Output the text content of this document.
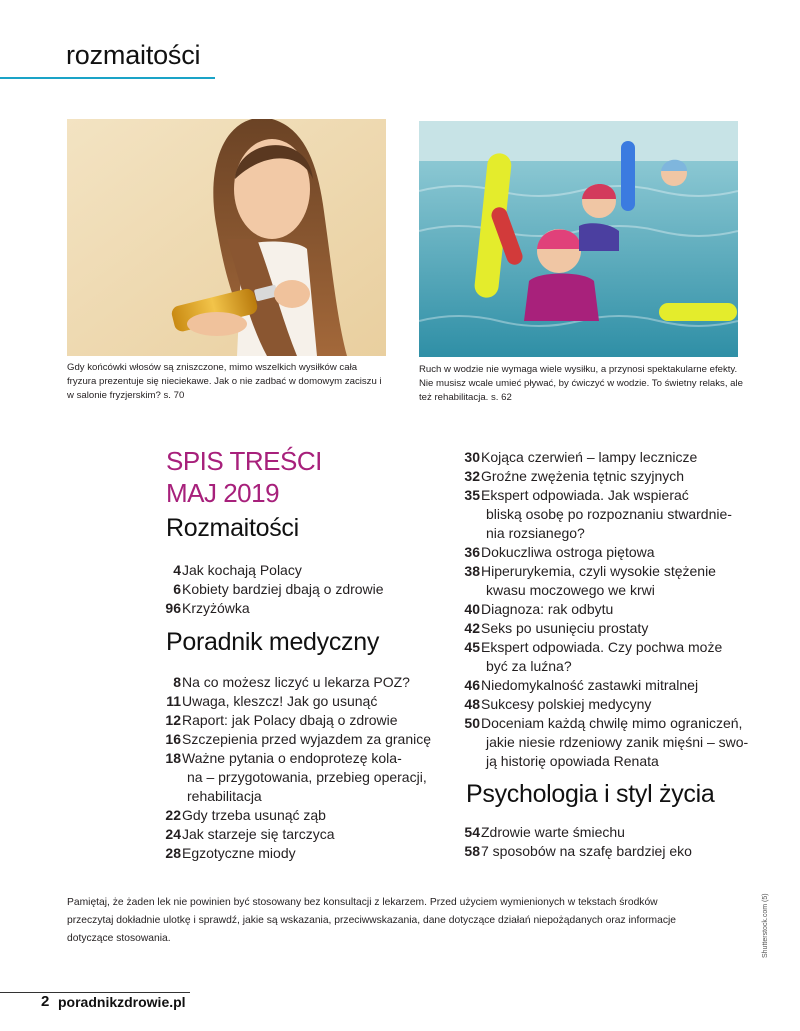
rozmaitości
Gdy końcówki włosów są zniszczone, mimo wszelkich wysiłków cała fryzura prezentuje się nieciekawe. Jak o nie zadbać w domowym zaciszu i w salonie fryzjerskim? s. 70
Ruch w wodzie nie wymaga wiele wysiłku, a przynosi spektakularne efekty. Nie musisz wcale umieć pływać, by ćwiczyć w wodzie. To świetny relaks, ale też rehabilitacja. s. 62
SPIS TREŚCI
MAJ 2019
Rozmaitości
4 Jak kochają Polacy
6 Kobiety bardziej dbają o zdrowie
96 Krzyżówka
Poradnik medyczny
8 Na co możesz liczyć u lekarza POZ?
11 Uwaga, kleszcz! Jak go usunąć
12 Raport: jak Polacy dbają o zdrowie
16 Szczepienia przed wyjazdem za granicę
18 Ważne pytania o endoprotezę kola-
na – przygotowania, przebieg operacji,
rehabilitacja
22 Gdy trzeba usunąć ząb
24 Jak starzeje się tarczyca
28 Egzotyczne miody
30 Kojąca czerwień – lampy lecznicze
32 Groźne zwężenia tętnic szyjnych
35 Ekspert odpowiada. Jak wspierać
bliską osobę po rozpoznaniu stwardnie-
nia rozsianego?
36 Dokuczliwa ostroga piętowa
38 Hiperurykemia, czyli wysokie stężenie
kwasu moczowego we krwi
40 Diagnoza: rak odbytu
42 Seks po usunięciu prostaty
45 Ekspert odpowiada. Czy pochwa może
być za luźna?
46 Niedomykalność zastawki mitralnej
48 Sukcesy polskiej medycyny
50 Doceniam każdą chwilę mimo ograniczeń,
jakie niesie rdzeniowy zanik mięśni – swo-
ją historię opowiada Renata
Psychologia i styl życia
54 Zdrowie warte śmiechu
58 7 sposobów na szafę bardziej eko
Pamiętaj, że żaden lek nie powinien być stosowany bez konsultacji z lekarzem. Przed użyciem wymienionych w tekstach środków przeczytaj dokładnie ulotkę i sprawdź, jakie są wskazania, przeciwwskazania, dane dotyczące działań niepożądanych oraz informacje dotyczące stosowania.	Shutterstock.com (5)
2 poradnikzdrowie.pl
